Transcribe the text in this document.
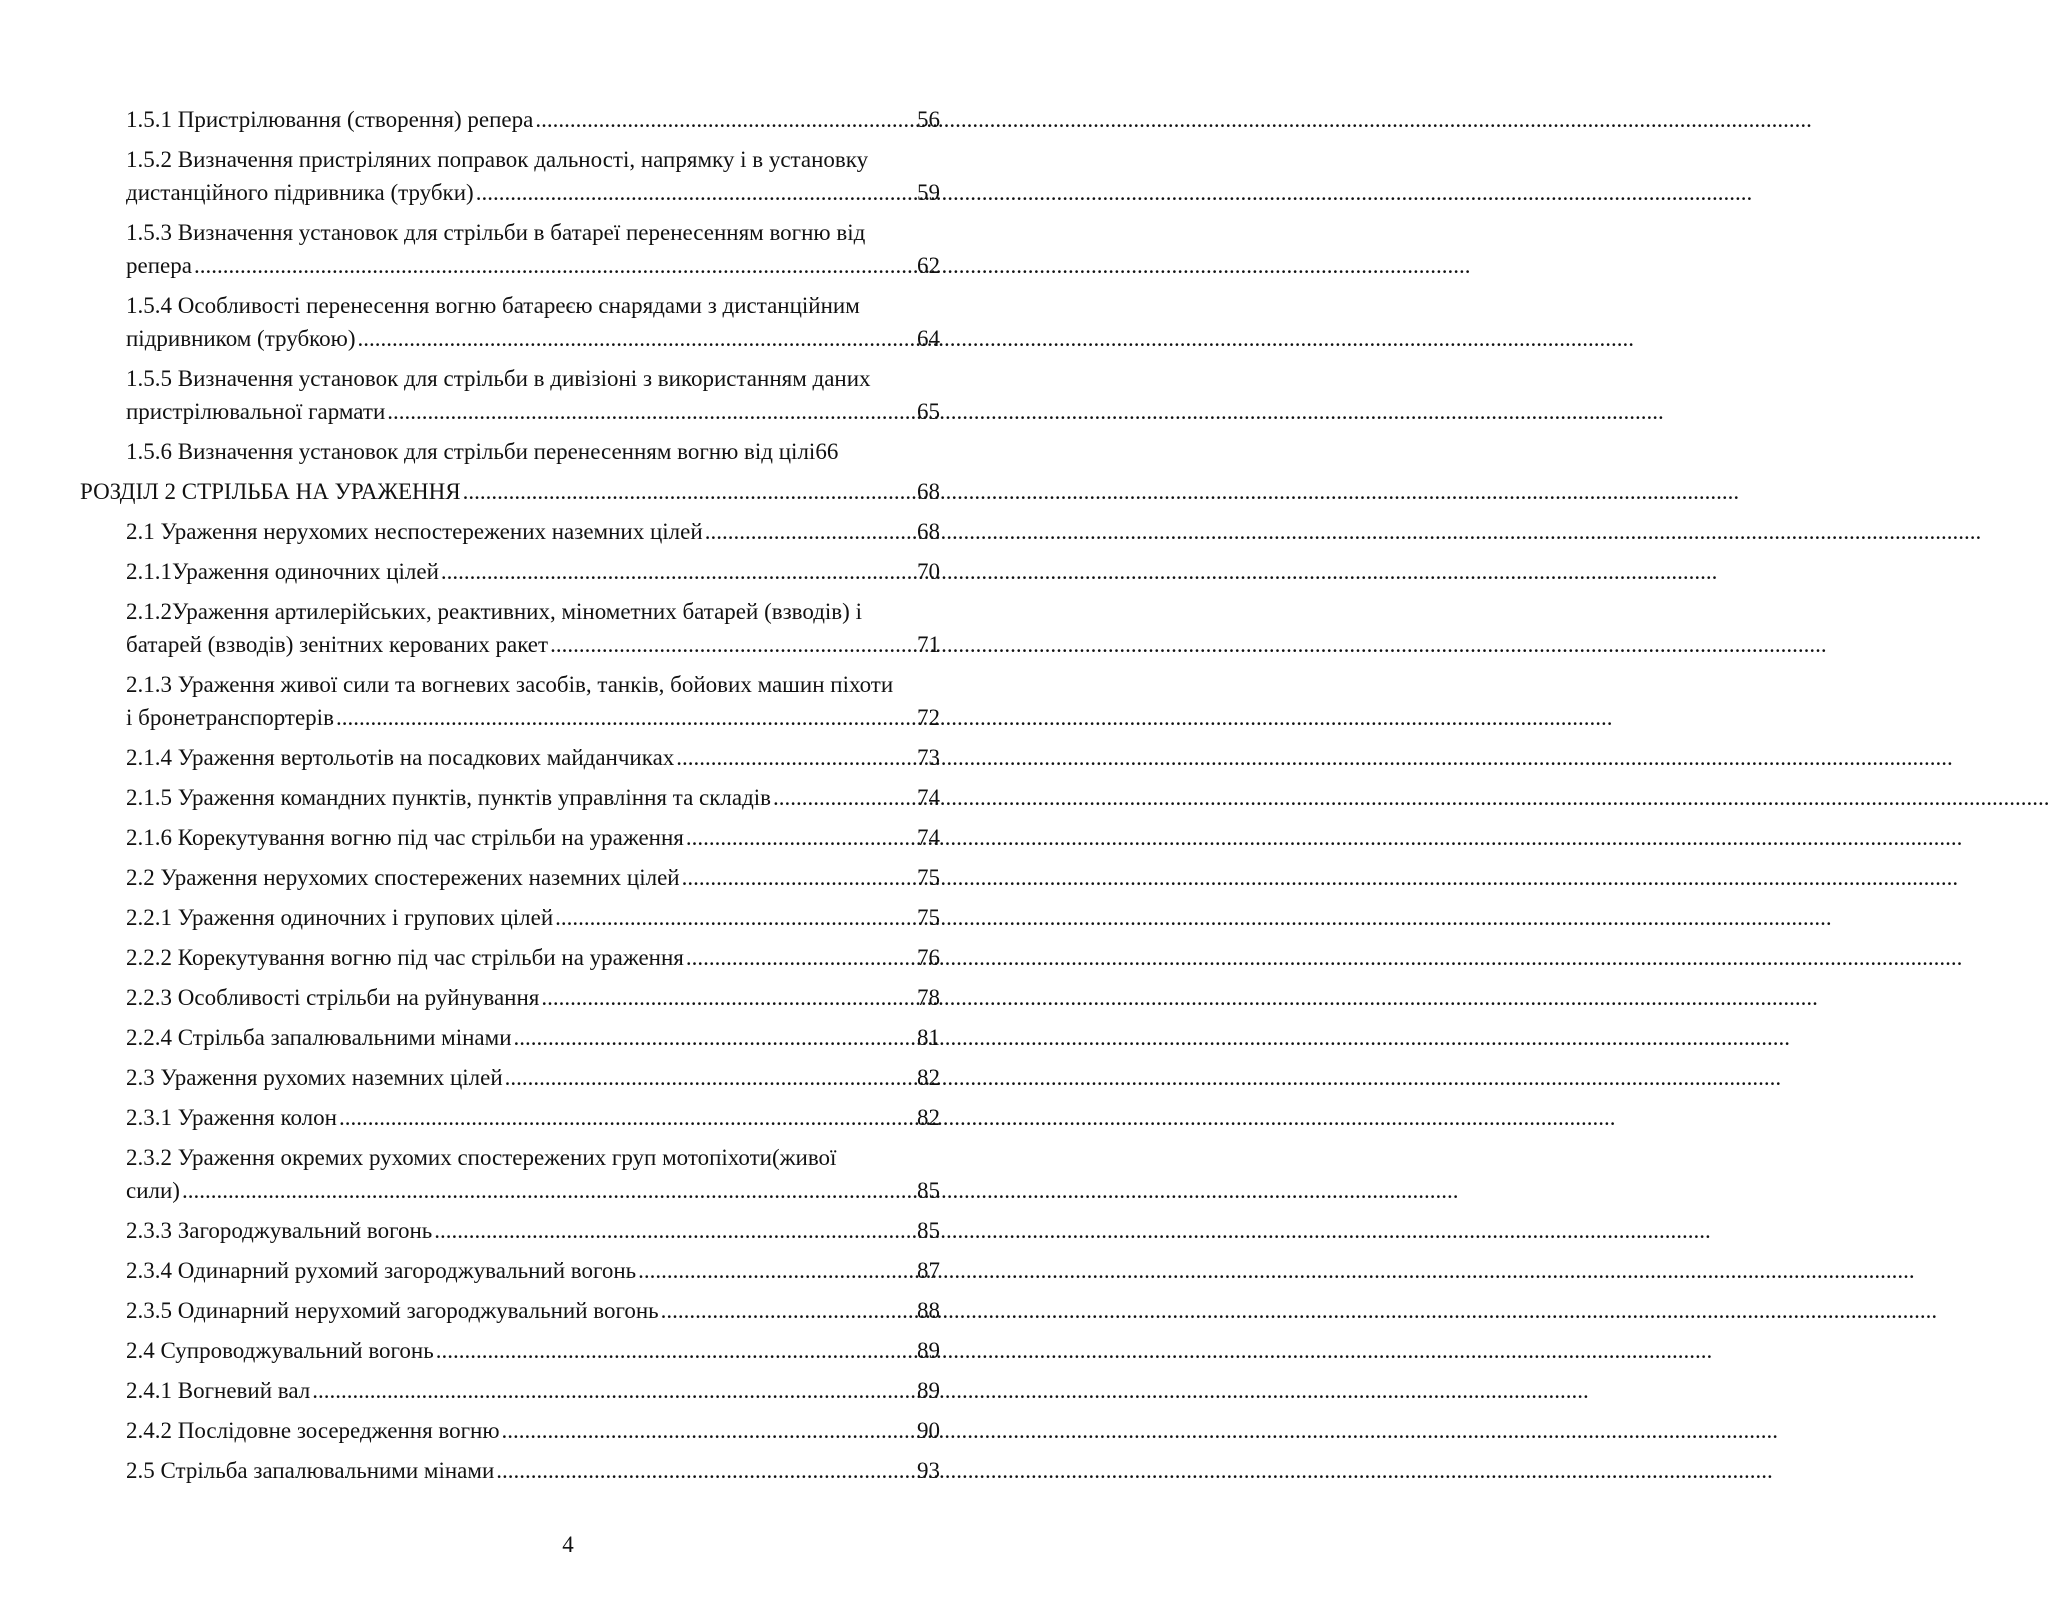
1.5.1 Пристрілювання (створення) репера .....	56
1.5.2 Визначення пристріляних поправок дальності, напрямку і в установку
дистанційного підривника (трубки) .....	59
1.5.3 Визначення установок для стрільби в батареї перенесенням вогню від
репера .....	62
1.5.4 Особливості перенесення вогню батареєю снарядами з дистанційним
підривником (трубкою) .....	64
1.5.5 Визначення установок для стрільби в дивізіоні з використанням даних
пристрілювальної гармати .....	65
1.5.6 Визначення установок для стрільби перенесенням вогню від цілі 66
РОЗДІЛ 2 СТРІЛЬБА НА УРАЖЕННЯ .....	68
2.1 Ураження нерухомих неспостережених наземних цілей .....	68
2.1.1Ураження одиночних цілей .....	70
2.1.2Ураження артилерійських, реактивних, мінометних батарей (взводів) і
батарей (взводів) зенітних керованих ракет .....	71
2.1.3 Ураження живої сили та вогневих засобів, танків, бойових машин піхоти
і бронетранспортерів .....	72
2.1.4 Ураження вертольотів на посадкових майданчиках .....	73
2.1.5 Ураження командних пунктів, пунктів управління та складів .....	74
2.1.6 Корекутування вогню під час стрільби на ураження .....	74
2.2 Ураження нерухомих спостережених наземних цілей .....	75
2.2.1 Ураження одиночних і групових цілей .....	75
2.2.2 Корекутування вогню під час стрільби на ураження .....	76
2.2.3 Особливості стрільби на руйнування .....	78
2.2.4 Стрільба запалювальними мінами .....	81
2.3 Ураження рухомих наземних цілей .....	82
2.3.1 Ураження колон .....	82
2.3.2 Ураження окремих рухомих спостережених груп мотопіхоти(живої
сили) .....	85
2.3.3 Загороджувальний вогонь .....	85
2.3.4 Одинарний рухомий загороджувальний вогонь .....	87
2.3.5 Одинарний нерухомий загороджувальний вогонь .....	88
2.4 Супроводжувальний вогонь .....	89
2.4.1 Вогневий вал .....	89
2.4.2 Послідовне зосередження вогню .....	90
2.5 Стрільба запалювальними мінами .....	93
4
